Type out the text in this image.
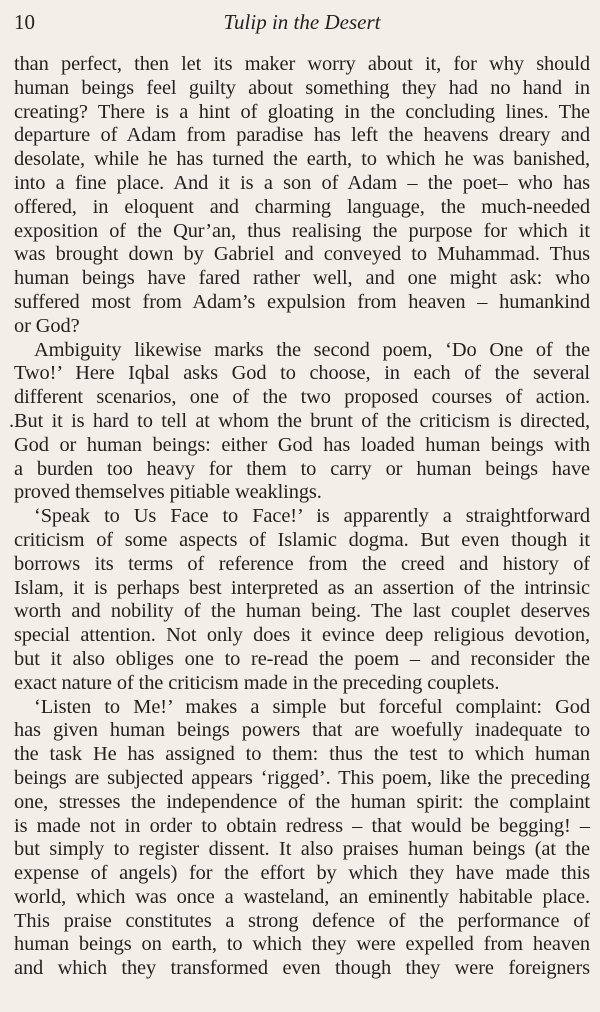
10	Tulip in the Desert
than perfect, then let its maker worry about it, for why should
human beings feel guilty about something they had no hand in
creating? There is a hint of gloating in the concluding lines. The
departure of Adam from paradise has left the heavens dreary and
desolate, while he has turned the earth, to which he was banished,
into a fine place. And it is a son of Adam – the poet– who has
offered, in eloquent and charming language, the much-needed
exposition of the Qur’an, thus realising the purpose for which it
was brought down by Gabriel and conveyed to Muhammad. Thus
human beings have fared rather well, and one might ask: who
suffered most from Adam’s expulsion from heaven – humankind
or God?
Ambiguity likewise marks the second poem, ‘Do One of the
Two!’ Here Iqbal asks God to choose, in each of the several
different scenarios, one of the two proposed courses of action.
.But it is hard to tell at whom the brunt of the criticism is directed,
God or human beings: either God has loaded human beings with
a burden too heavy for them to carry or human beings have
proved themselves pitiable weaklings.
‘Speak to Us Face to Face!’ is apparently a straightforward
criticism of some aspects of Islamic dogma. But even though it
borrows its terms of reference from the creed and history of
Islam, it is perhaps best interpreted as an assertion of the intrinsic
worth and nobility of the human being. The last couplet deserves
special attention. Not only does it evince deep religious devotion,
but it also obliges one to re-read the poem – and reconsider the
exact nature of the criticism made in the preceding couplets.
‘Listen to Me!’ makes a simple but forceful complaint: God
has given human beings powers that are woefully inadequate to
the task He has assigned to them: thus the test to which human
beings are subjected appears ‘rigged’. This poem, like the preceding
one, stresses the independence of the human spirit: the complaint
is made not in order to obtain redress – that would be begging! –
but simply to register dissent. It also praises human beings (at the
expense of angels) for the effort by which they have made this
world, which was once a wasteland, an eminently habitable place.
This praise constitutes a strong defence of the performance of
human beings on earth, to which they were expelled from heaven
and which they transformed even though they were foreigners
